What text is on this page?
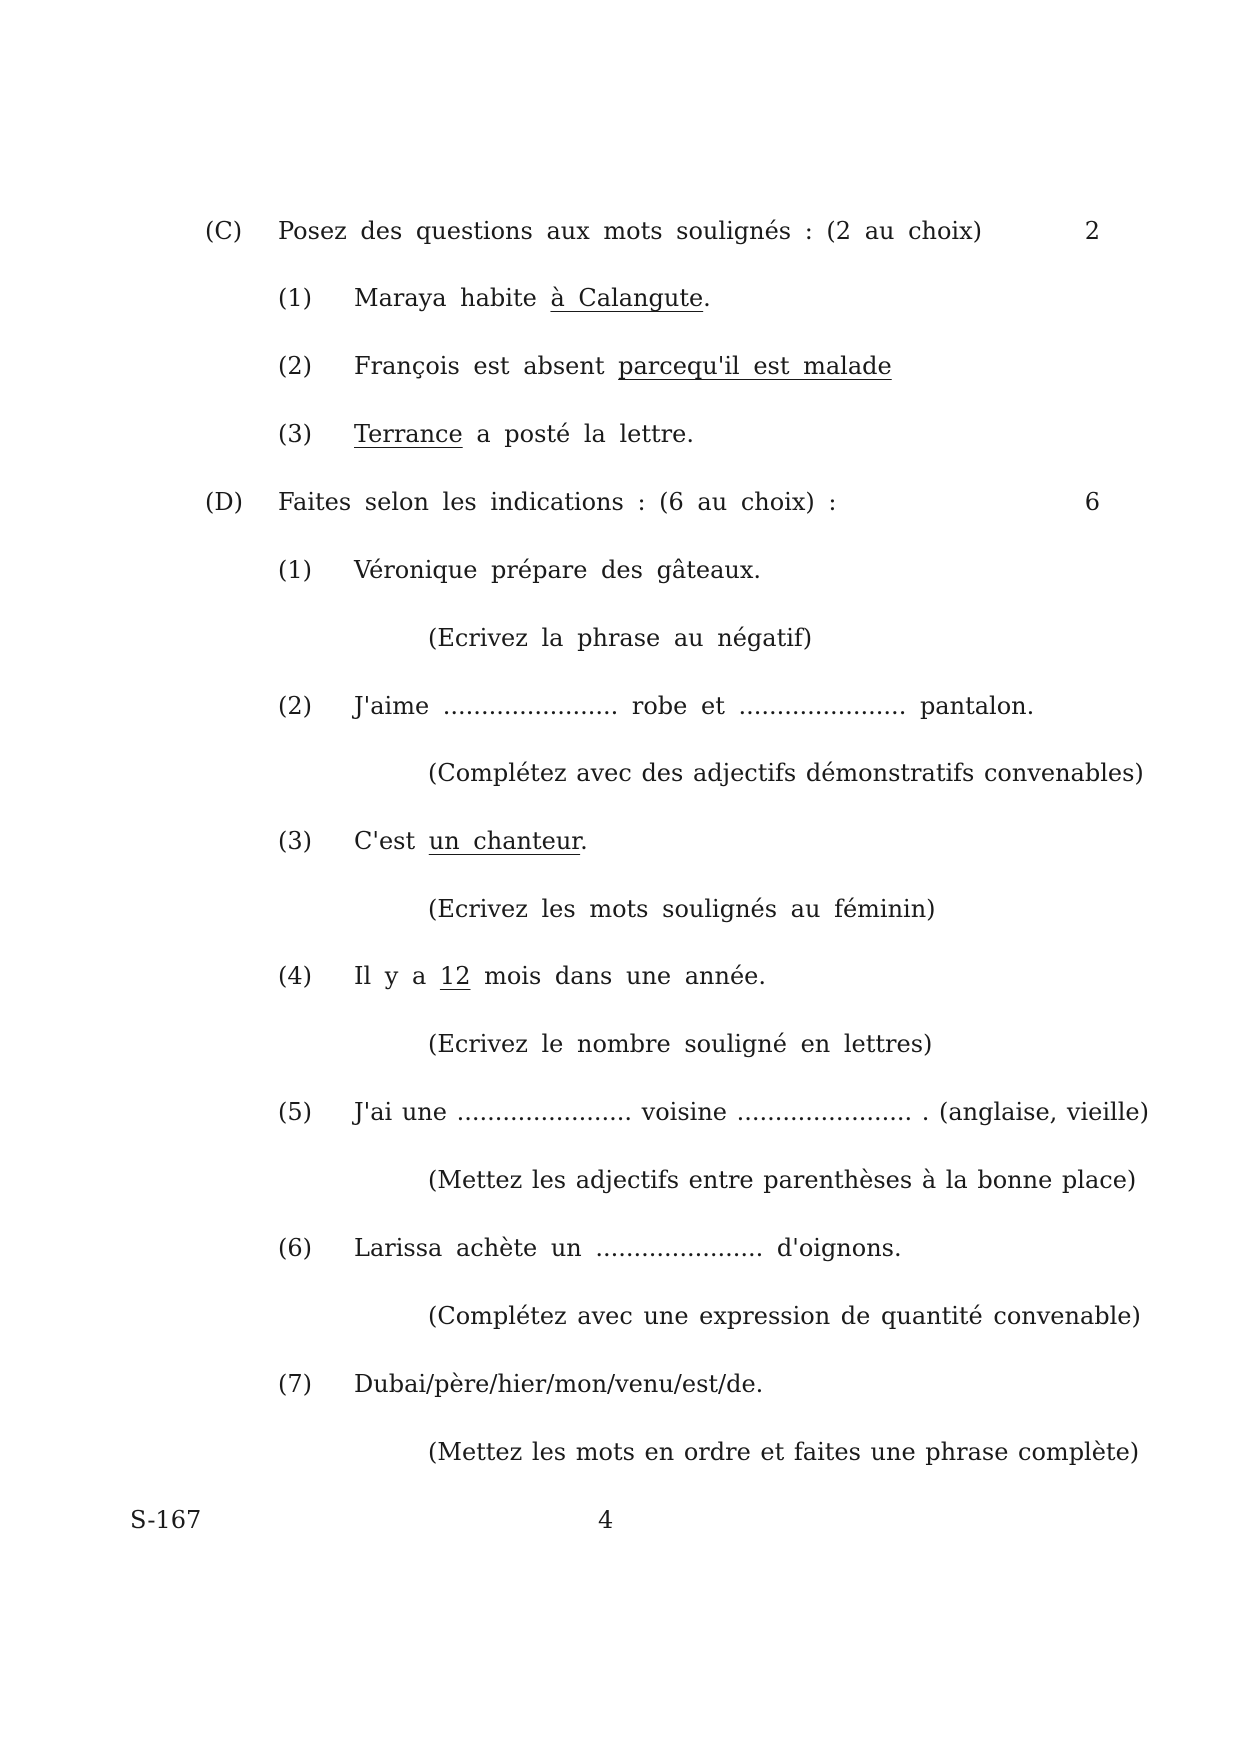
(C) Posez des questions aux mots soulignés : (2 au choix)	2
(1) Maraya habite à Calangute.
(2) François est absent parcequ'il est malade
(3) Terrance a posté la lettre.
(D) Faites selon les indications : (6 au choix) :	6
(1) Véronique prépare des gâteaux.
(Ecrivez la phrase au négatif)
(2) J'aime ....................... robe et ...................... pantalon.
(Complétez avec des adjectifs démonstratifs convenables)
(3) C'est un chanteur.
(Ecrivez les mots soulignés au féminin)
(4) Il y a 12 mois dans une année.
(Ecrivez le nombre souligné en lettres)
(5) J'ai une ....................... voisine ....................... . (anglaise, vieille)
(Mettez les adjectifs entre parenthèses à la bonne place)
(6) Larissa achète un ...................... d'oignons.
(Complétez avec une expression de quantité convenable)
(7) Dubai/père/hier/mon/venu/est/de.
(Mettez les mots en ordre et faites une phrase complète)
S-167	4
